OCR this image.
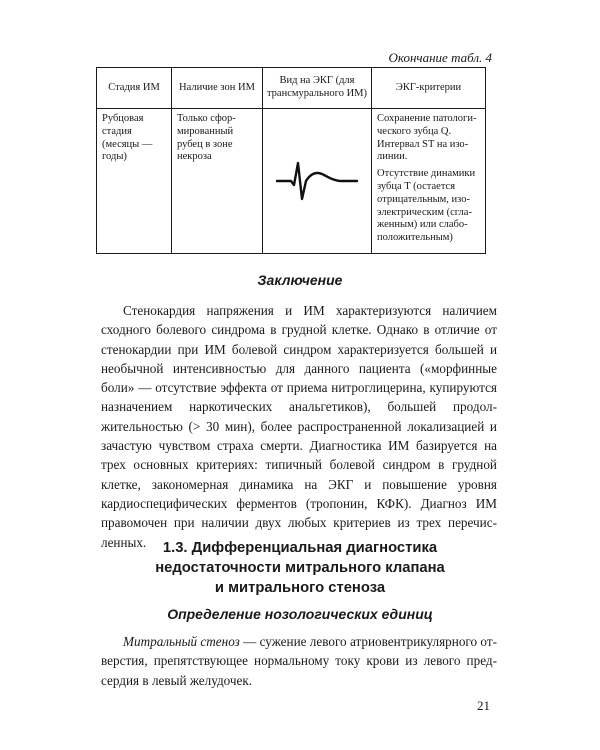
Окончание табл. 4
Стадия ИМ	Наличие зон ИМ	Вид на ЭКГ (для трансмурального ИМ)	ЭКГ-критерии
Рубцовая стадия (месяцы — годы)	Только сформированный рубец в зоне некроза		Сохранение патологического зубца Q. Интервал ST на изолинии.

Отсутствие динамики зубца T (остается отрицательным, изоэлектрическим (сглаженным) или слабоположительным)

Заключение

Стенокардия напряжения и ИМ характеризуются наличием сходного болевого синдрома в грудной клетке. Однако в отличие от стенокардии при ИМ болевой синдром характеризуется большей и необычной интенсивностью для данного пациента («морфинные боли» — отсутствие эффекта от приема нитроглицерина, купируются назначением наркотических анальгетиков), большей продолжительностью (> 30 мин), более распространенной локализацией и зачастую чувством страха смерти. Диагностика ИМ базируется на трех основных критериях: типичный болевой синдром в грудной клетке, закономерная динамика на ЭКГ и повышение уровня кардиоспецифических ферментов (тропонин, КФК). Диагноз ИМ правомочен при наличии двух любых критериев из трех перечисленных.	1.3. Дифференциальная диагностика
недостаточности митрального клапана
и митрального стеноза
Определение нозологических единиц

Митральный стеноз — сужение левого атриовентрикулярного отверстия, препятствующее нормальному току крови из левого предсердия в левый желудочек.

21
